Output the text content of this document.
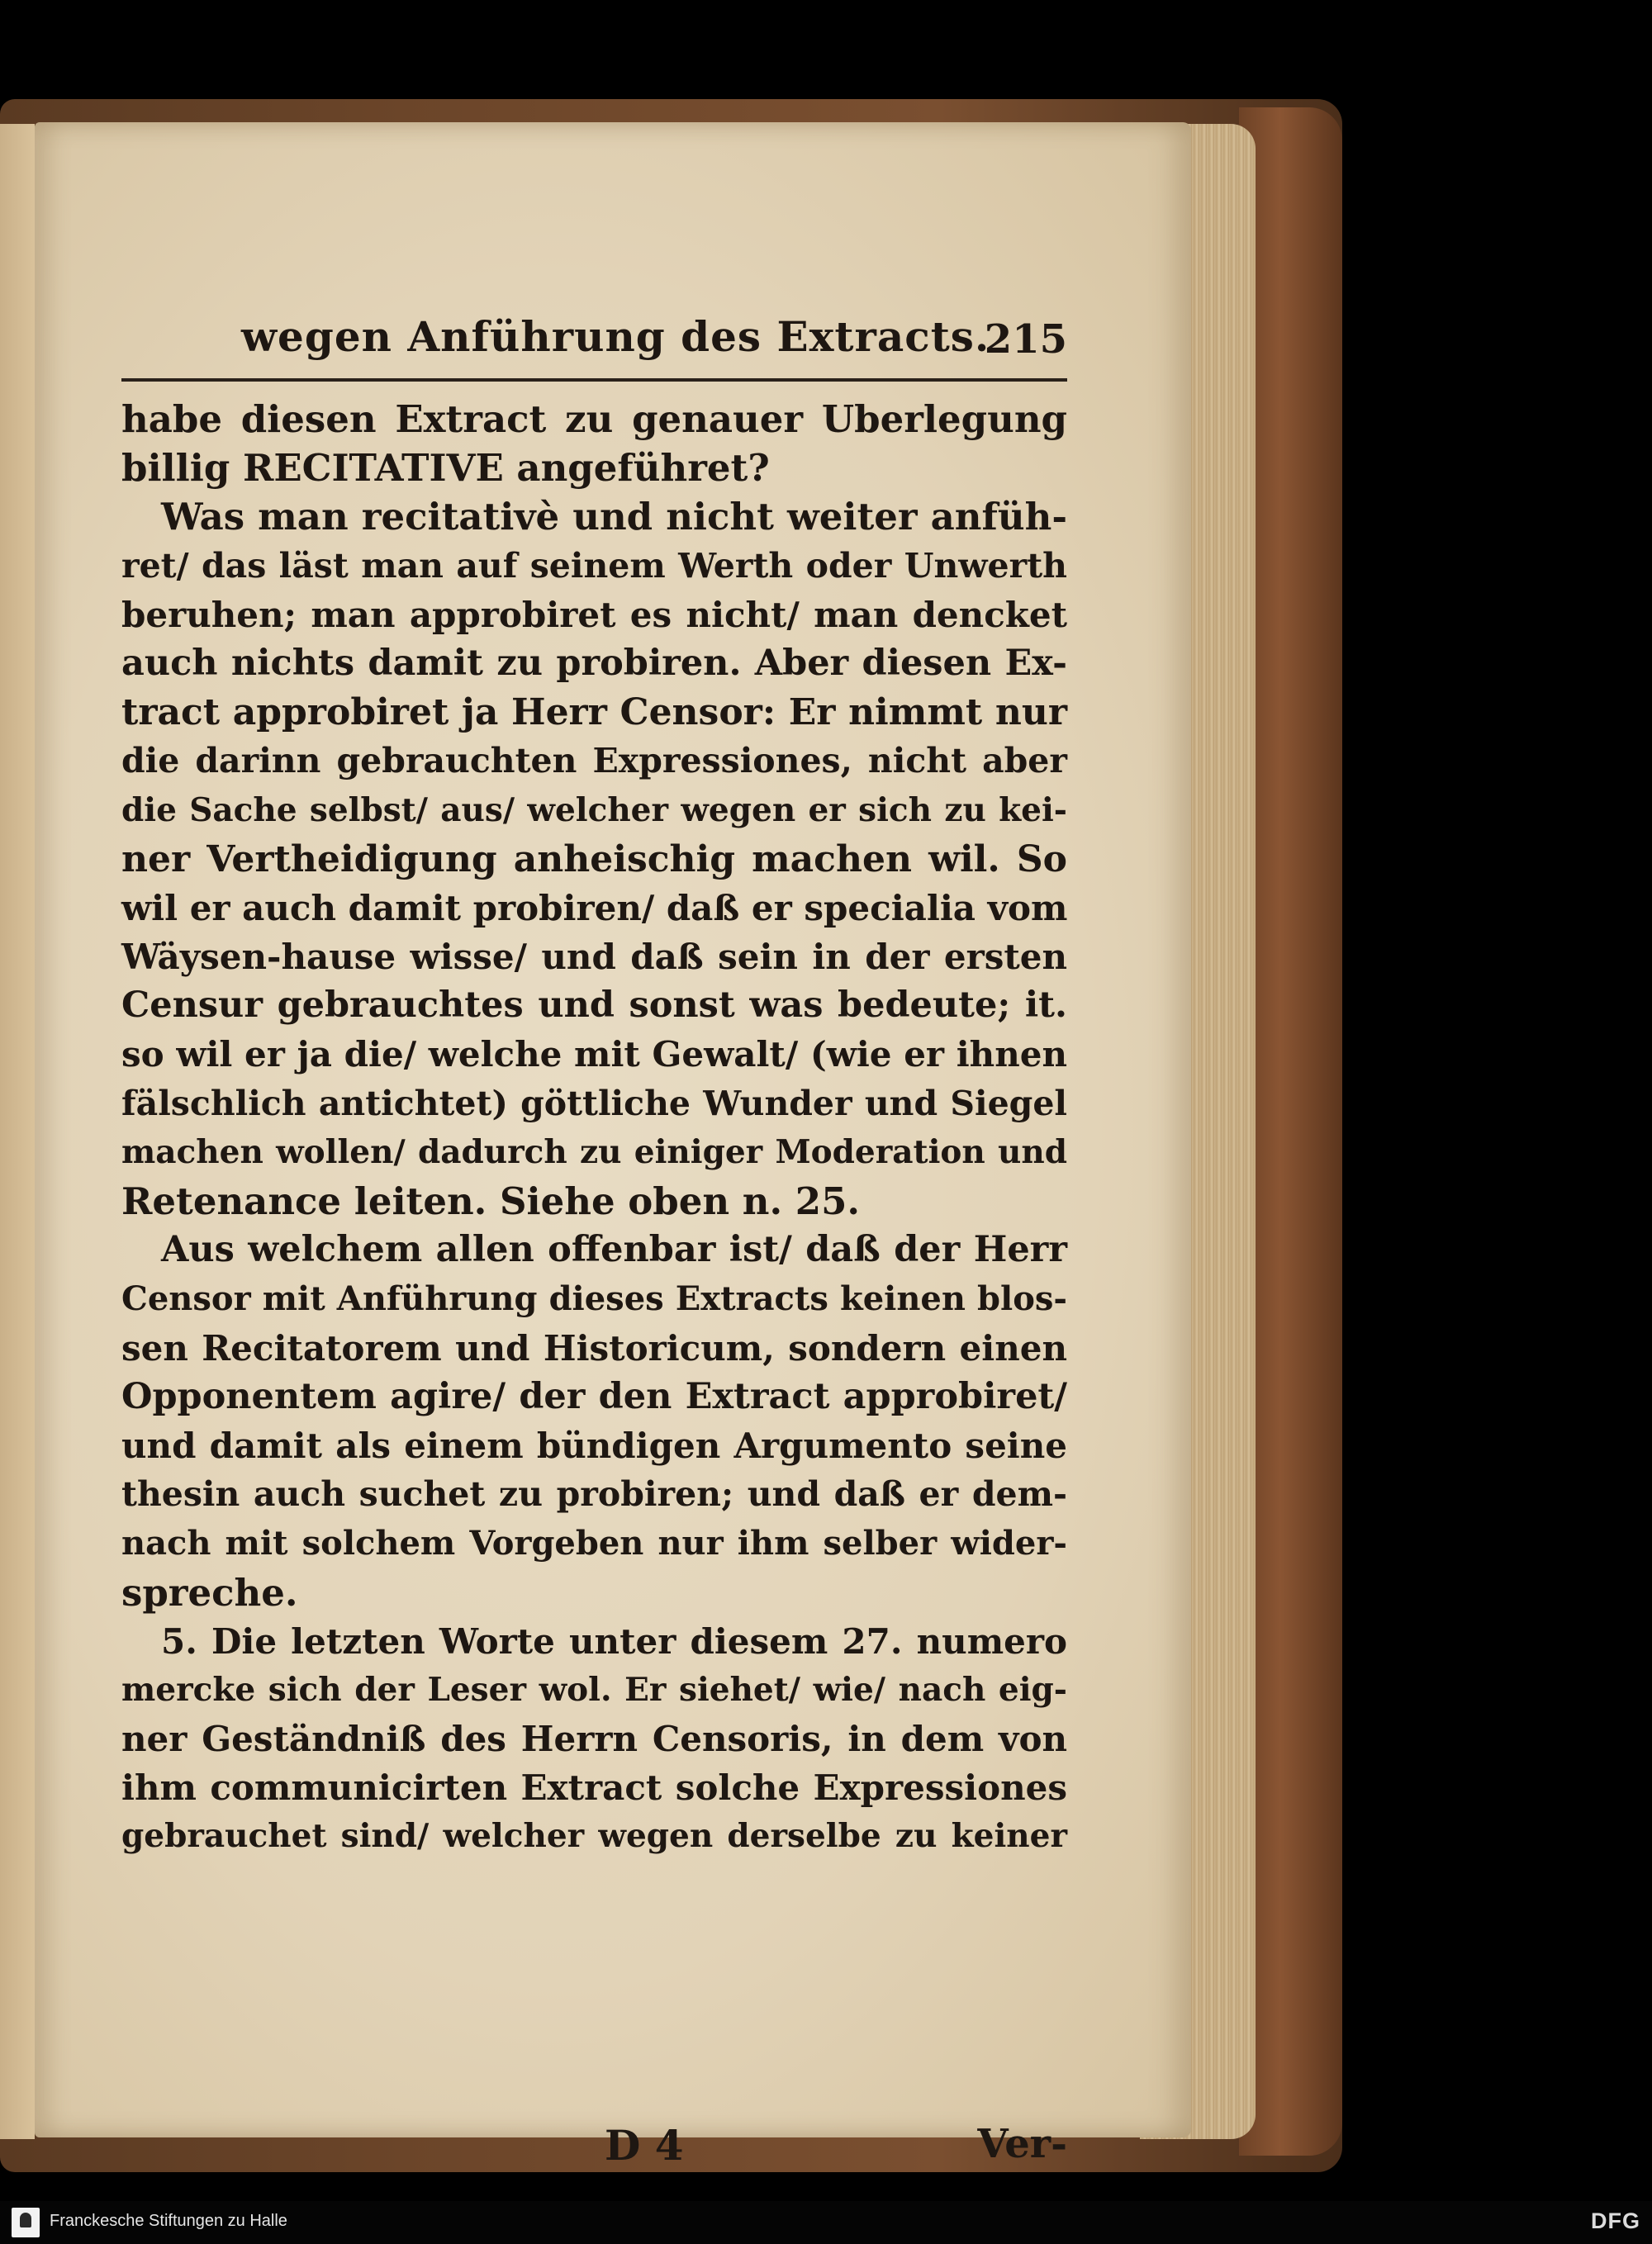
wegen Anführung des Extracts.
215
habe diesen Extract zu genauer Uberlegung
billig RECITATIVE angeführet?
Was man recitativè und nicht weiter anfüh-
ret/ das läst man auf seinem Werth oder Unwerth
beruhen; man approbiret es nicht/ man dencket
auch nichts damit zu probiren. Aber diesen Ex-
tract approbiret ja Herr Censor: Er nimmt nur
die darinn gebrauchten Expressiones, nicht aber
die Sache selbst/ aus/ welcher wegen er sich zu kei-
ner Vertheidigung anheischig machen wil. So
wil er auch damit probiren/ daß er specialia vom
Wäysen-hause wisse/ und daß sein in der ersten
Censur gebrauchtes und sonst was bedeute; it.
so wil er ja die/ welche mit Gewalt/ (wie er ihnen
fälschlich antichtet) göttliche Wunder und Siegel
machen wollen/ dadurch zu einiger Moderation und
Retenance leiten. Siehe oben n. 25.
Aus welchem allen offenbar ist/ daß der Herr
Censor mit Anführung dieses Extracts keinen blos-
sen Recitatorem und Historicum, sondern einen
Opponentem agire/ der den Extract approbiret/
und damit als einem bündigen Argumento seine
thesin auch suchet zu probiren; und daß er dem-
nach mit solchem Vorgeben nur ihm selber wider-
spreche.
5. Die letzten Worte unter diesem 27. numero
mercke sich der Leser wol. Er siehet/ wie/ nach eig-
ner Geständniß des Herrn Censoris, in dem von
ihm communicirten Extract solche Expressiones
gebrauchet sind/ welcher wegen derselbe zu keiner
D 4	Ver-
Franckesche Stiftungen zu Halle	DFG
